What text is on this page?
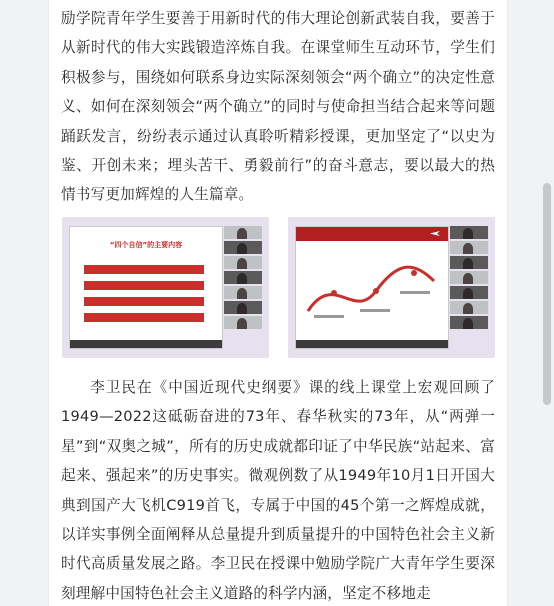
励学院青年学生要善于用新时代的伟大理论创新武装自我，要善于从新时代的伟大实践锻造淬炼自我。在课堂师生互动环节，学生们积极参与，围绕如何联系身边实际深刻领会“两个确立”的决定性意义、如何在深刻领会“两个确立”的同时与使命担当结合起来等问题踊跃发言，纷纷表示通过认真聆听精彩授课，更加坚定了“以史为鉴、开创未来；埋头苦干、勇毅前行”的奋斗意志，要以最大的热情书写更加辉煌的人生篇章。

“四个自信”的主要内容

李卫民在《中国近现代史纲要》课的线上课堂上宏观回顾了1949—2022这砥砺奋进的73年、春华秋实的73年，从“两弹一星”到“双奥之城”，所有的历史成就都印证了中华民族“站起来、富起来、强起来”的历史事实。微观例数了从1949年10月1日开国大典到国产大飞机C919首飞，专属于中国的45个第一之辉煌成就，以详实事例全面阐释从总量提升到质量提升的中国特色社会主义新时代高质量发展之路。李卫民在授课中勉励学院广大青年学生要深刻理解中国特色社会主义道路的科学内涵，坚定不移地走
